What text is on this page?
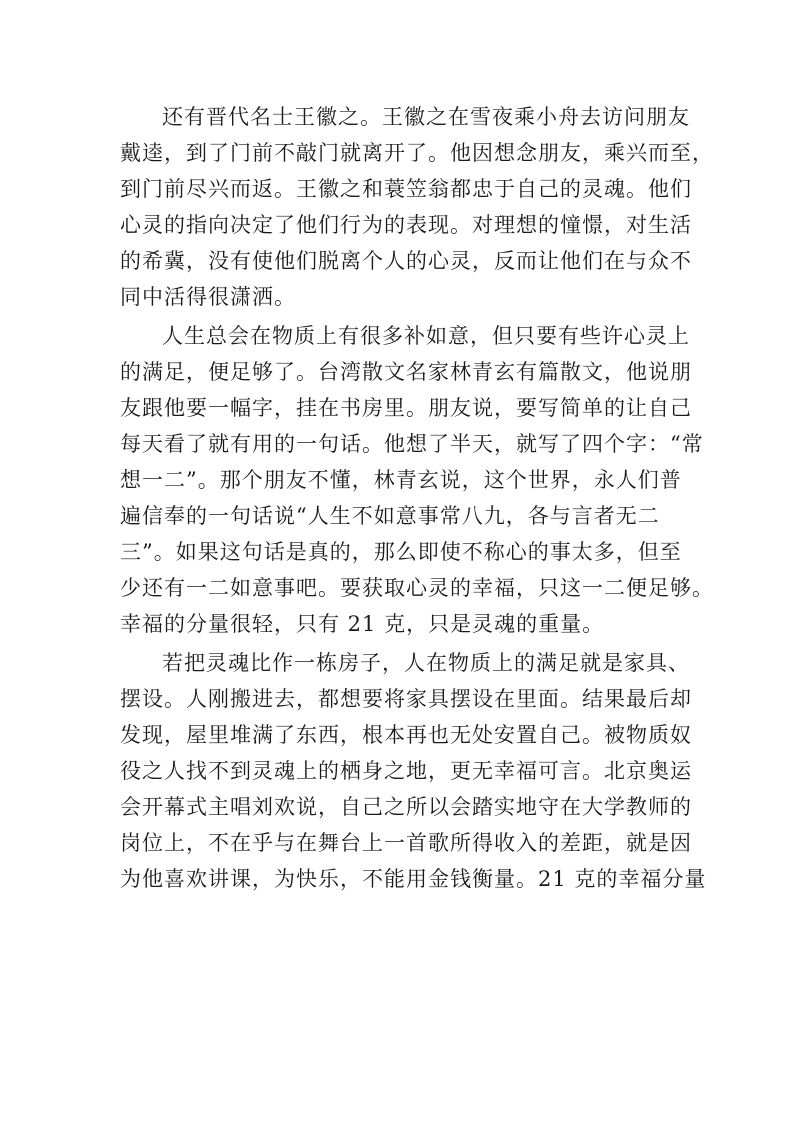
还有晋代名士王徽之。王徽之在雪夜乘小舟去访问朋友
戴逵，到了门前不敲门就离开了。他因想念朋友，乘兴而至，
到门前尽兴而返。王徽之和蓑笠翁都忠于自己的灵魂。他们
心灵的指向决定了他们行为的表现。对理想的憧憬，对生活
的希冀，没有使他们脱离个人的心灵，反而让他们在与众不
同中活得很潇洒。
人生总会在物质上有很多补如意，但只要有些许心灵上
的满足，便足够了。台湾散文名家林青玄有篇散文，他说朋
友跟他要一幅字，挂在书房里。朋友说，要写简单的让自己
每天看了就有用的一句话。他想了半天，就写了四个字：“常
想一二”。那个朋友不懂，林青玄说，这个世界，永人们普
遍信奉的一句话说“人生不如意事常八九，各与言者无二
三”。如果这句话是真的，那么即使不称心的事太多，但至
少还有一二如意事吧。要获取心灵的幸福，只这一二便足够。
幸福的分量很轻，只有 21 克，只是灵魂的重量。
若把灵魂比作一栋房子，人在物质上的满足就是家具、
摆设。人刚搬进去，都想要将家具摆设在里面。结果最后却
发现，屋里堆满了东西，根本再也无处安置自己。被物质奴
役之人找不到灵魂上的栖身之地，更无幸福可言。北京奥运
会开幕式主唱刘欢说，自己之所以会踏实地守在大学教师的
岗位上，不在乎与在舞台上一首歌所得收入的差距，就是因
为他喜欢讲课，为快乐，不能用金钱衡量。21 克的幸福分量
